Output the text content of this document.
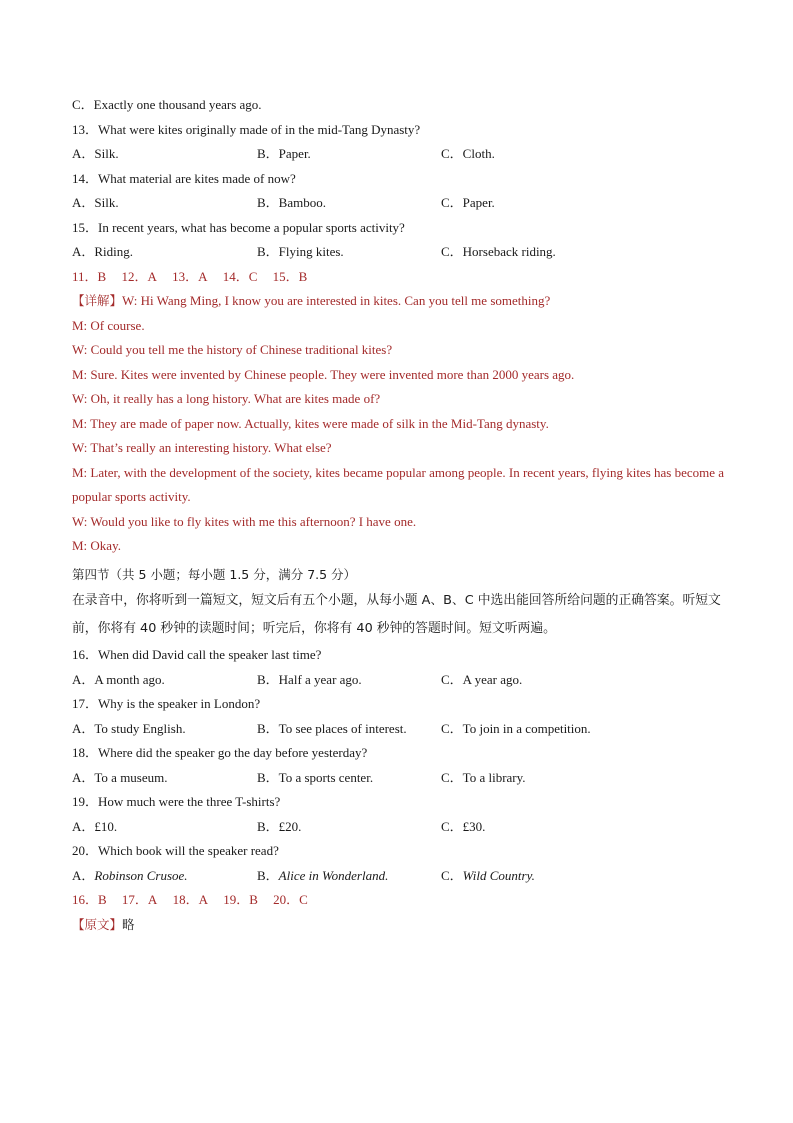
C．Exactly one thousand years ago.
13．What were kites originally made of in the mid-Tang Dynasty?
A．Silk.	B．Paper.	C．Cloth.
14．What material are kites made of now?
A．Silk.	B．Bamboo.	C．Paper.
15．In recent years, what has become a popular sports activity?
A．Riding.	B．Flying kites.	C．Horseback riding.
11．B 12．A 13．A 14．C 15．B
【详解】W: Hi Wang Ming, I know you are interested in kites. Can you tell me something?
M: Of course.
W: Could you tell me the history of Chinese traditional kites?
M: Sure. Kites were invented by Chinese people. They were invented more than 2000 years ago.
W: Oh, it really has a long history. What are kites made of?
M: They are made of paper now. Actually, kites were made of silk in the Mid-Tang dynasty.
W: That’s really an interesting history. What else?
M: Later, with the development of the society, kites became popular among people. In recent years, flying kites has become a popular sports activity.
W: Would you like to fly kites with me this afternoon? I have one.
M: Okay.
第四节（共 5 小题；每小题 1.5 分，满分 7.5 分）
在录音中，你将听到一篇短文，短文后有五个小题，从每小题 A、B、C 中选出能回答所给问题的正确答案。听短文前，你将有 40 秒钟的读题时间；听完后，你将有 40 秒钟的答题时间。短文听两遍。
16．When did David call the speaker last time?
A．A month ago.	B．Half a year ago.	C．A year ago.
17．Why is the speaker in London?
A．To study English.	B．To see places of interest.	C．To join in a competition.
18．Where did the speaker go the day before yesterday?
A．To a museum.	B．To a sports center.	C．To a library.
19．How much were the three T-shirts?
A．£10.	B．£20.	C．£30.
20．Which book will the speaker read?
A．Robinson Crusoe.	B．Alice in Wonderland.	C．Wild Country.
16．B 17．A 18．A 19．B 20．C
【原文】略
